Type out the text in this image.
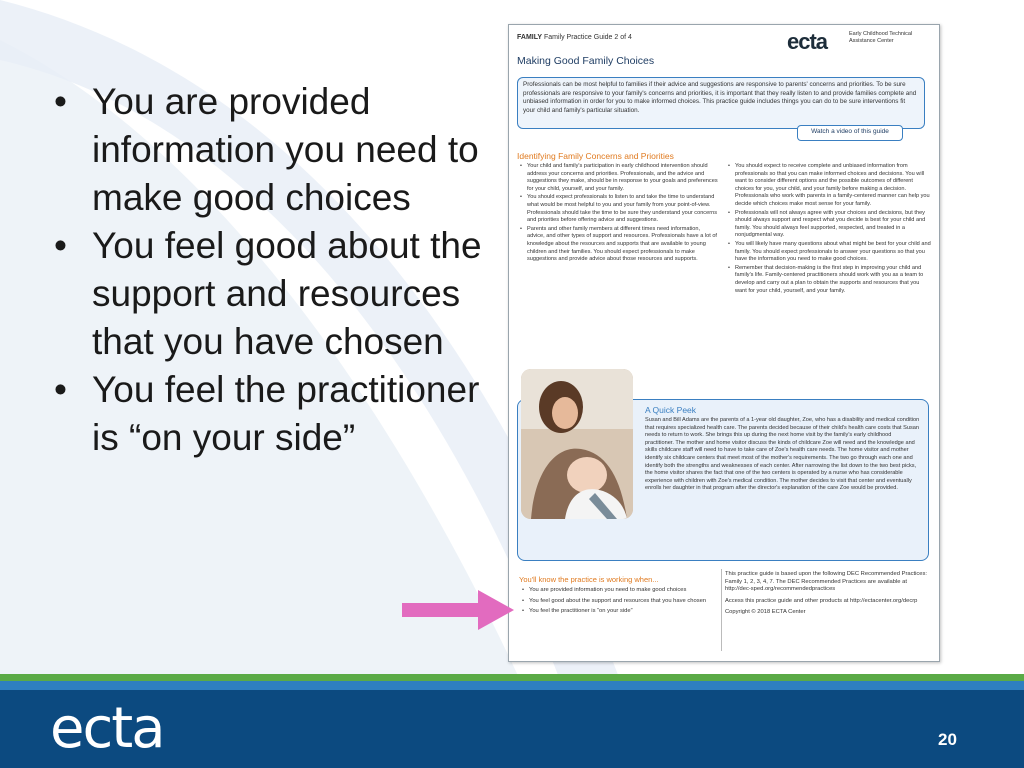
• You are provided information you need to make good choices
• You feel good about the support and resources that you have chosen
• You feel the practitioner is “on your side”
FAMILY Family Practice Guide 2 of 4	ecta	Early Childhood Technical Assistance Center
Making Good Family Choices
Professionals can be most helpful to families if their advice and suggestions are responsive to parents' concerns and priorities. To be sure professionals are responsive to your family's concerns and priorities, it is important that they really listen to and provide families complete and unbiased information in order for you to make informed choices. This practice guide includes things you can do to be sure interventions fit your child and family's particular situation.
Watch a video of this guide
Identifying Family Concerns and Priorities

• Your child and family's participation in early childhood intervention should address your concerns and priorities. Professionals, and the advice and suggestions they make, should be in response to your goals and preferences for your child, yourself, and your family.

• You should expect professionals to listen to and take the time to understand what would be most helpful to you and your family from your point-of-view. Professionals should take the time to be sure they understand your concerns and priorities before offering advice and suggestions.

• Parents and other family members at different times need information, advice, and other types of support and resources. Professionals have a lot of knowledge about the resources and supports that are available to young children and their families. You should expect professionals to make suggestions and provide advice about those resources and supports.

• You should expect to receive complete and unbiased information from professionals so that you can make informed choices and decisions. You will want to consider different options and the possible outcomes of different choices for you, your child, and your family before making a decision. Professionals who work with parents in a family-centered manner can help you decide which choices make most sense for your family.

• Professionals will not always agree with your choices and decisions, but they should always support and respect what you decide is best for your child and family. You should always feel supported, respected, and treated in a nonjudgmental way.

• You will likely have many questions about what might be best for your child and family. You should expect professionals to answer your questions so that you have the information you need to make good choices.

• Remember that decision-making is the first step in improving your child and family's life. Family-centered practitioners should work with you as a team to develop and carry out a plan to obtain the supports and resources that you want for your child, yourself, and your family.

A Quick Peek
Susan and Bill Adams are the parents of a 1-year old daughter, Zoe, who has a disability and medical condition that requires specialized health care. The parents decided because of their child's health care costs that Susan needs to return to work. She brings this up during the next home visit by the family's early childhood practitioner. The mother and home visitor discuss the kinds of childcare Zoe will need and the knowledge and skills childcare staff will need to have to take care of Zoe's health care needs. The home visitor and mother identify six childcare centers that meet most of the mother's requirements. The two go through each one and identify both the strengths and weaknesses of each center. After narrowing the list down to the two best picks, the home visitor shares the fact that one of the two centers is operated by a nurse who has considerable experience with children with Zoe's medical condition. The mother decides to visit that center and eventually enrolls her daughter in that program after the director's explanation of the care Zoe would be provided.
You'll know the practice is working when...

• You are provided information you need to make good choices

• You feel good about the support and resources that you have chosen

• You feel the practitioner is “on your side”

This practice guide is based upon the following DEC Recommended Practices: Family 1, 2, 3, 4, 7. The DEC Recommended Practices are available at http://dec-sped.org/recommendedpractices

Access this practice guide and other products at http://ectacenter.org/decrp

Copyright © 2018 ECTA Center

ecta	20
